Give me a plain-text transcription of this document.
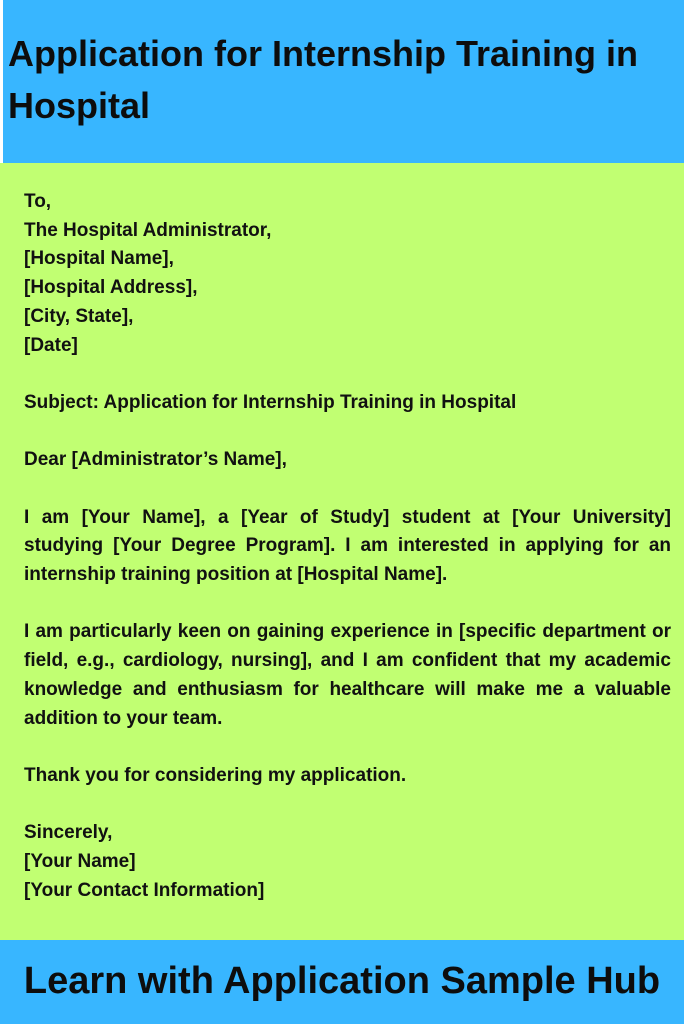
Application for Internship Training in Hospital

To,

The Hospital Administrator,

[Hospital Name],

[Hospital Address],

[City, State],

[Date]

Subject: Application for Internship Training in Hospital

Dear [Administrator’s Name],

I am [Your Name], a [Year of Study] student at [Your University] studying [Your Degree Program]. I am interested in applying for an internship training position at [Hospital Name].

I am particularly keen on gaining experience in [specific department or field, e.g., cardiology, nursing], and I am confident that my academic knowledge and enthusiasm for healthcare will make me a valuable addition to your team.

Thank you for considering my application.

Sincerely,

[Your Name]

[Your Contact Information]

Learn with Application Sample Hub
